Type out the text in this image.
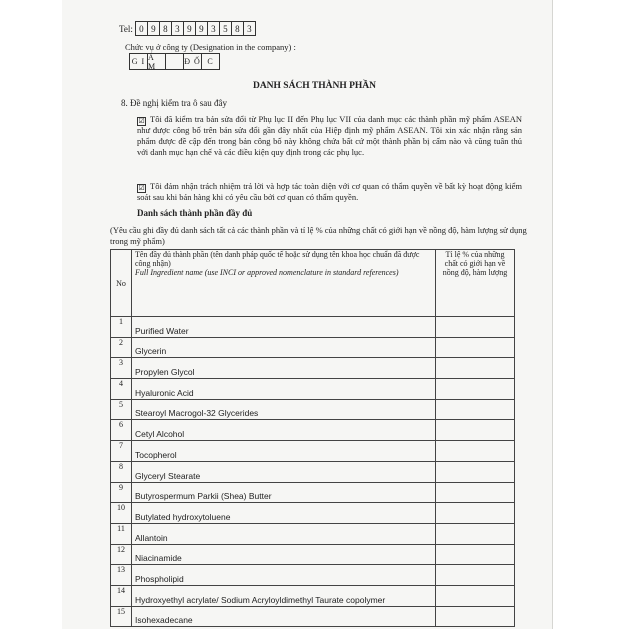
Tel: 0 9 8 3 9 9 3 5 8 3
Chức vụ ở công ty (Designation in the company) :
G I Á M	Đ Ố C
DANH SÁCH THÀNH PHẦN
8. Đề nghị kiểm tra ô sau đây
☑ Tôi đã kiểm tra bản sửa đổi từ Phụ lục II đến Phụ lục VII của danh mục các thành phần mỹ phẩm ASEAN như được công bố trên bản sửa đổi gần đây nhất của Hiệp định mỹ phẩm ASEAN. Tôi xin xác nhận rằng sản phẩm được đề cập đến trong bản công bố này không chứa bất cứ một thành phần bị cấm nào và cũng tuân thủ với danh mục hạn chế và các điều kiện quy định trong các phụ lục.
☑ Tôi đảm nhận trách nhiệm trả lời và hợp tác toàn diện với cơ quan có thẩm quyền về bất kỳ hoạt động kiểm soát sau khi bán hàng khi có yêu cầu bởi cơ quan có thẩm quyền.
Danh sách thành phần đầy đủ
(Yêu cầu ghi đầy đủ danh sách tất cả các thành phần và tỉ lệ % của những chất có giới hạn về nồng độ, hàm lượng sử dụng trong mỹ phẩm)
No	Tên đầy đủ thành phần (tên danh pháp quốc tế hoặc sử dụng tên khoa học chuẩn đã được công nhận)
Full Ingredient name (use INCI or approved nomenclature in standard references)	Tỉ lệ % của những chất có giới hạn về nồng độ, hàm lượng
1	Purified Water	
2	Glycerin	
3	Propylen Glycol	
4	Hyaluronic Acid	
5	Stearoyl Macrogol-32 Glycerides	
6	Cetyl Alcohol	
7	Tocopherol	
8	Glyceryl Stearate	
9	Butyrospermum Parkii (Shea) Butter	
10	Butylated hydroxytoluene	
11	Allantoin	
12	Niacinamide	
13	Phospholipid	
14	Hydroxyethyl acrylate/ Sodium Acryloyldimethyl Taurate copolymer	
15	Isohexadecane	
